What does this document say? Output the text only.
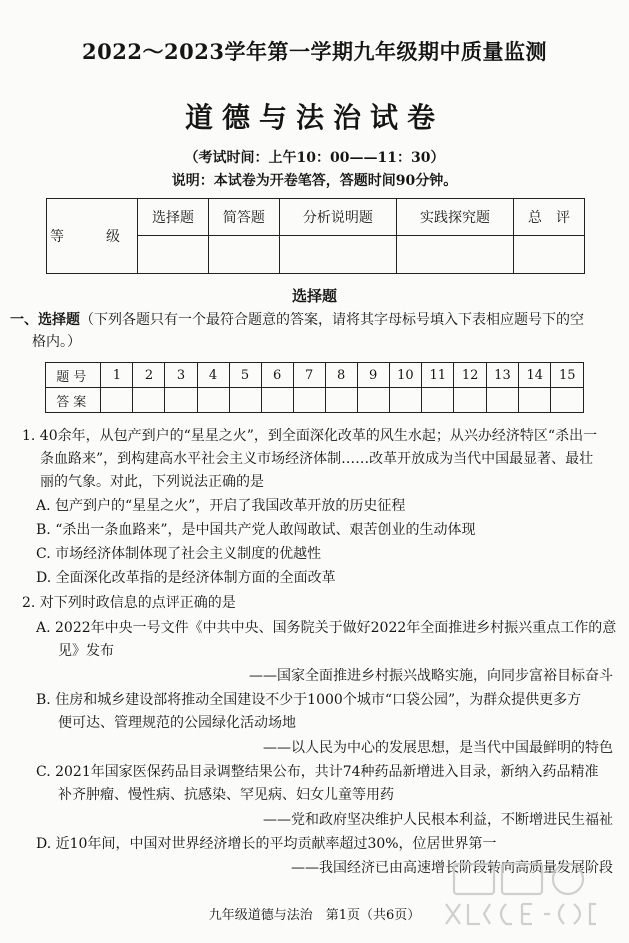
2022～2023学年第一学期九年级期中质量监测
道德与法治试卷
（考试时间：上午10：00——11：30）
说明：本试卷为开卷笔答，答题时间90分钟。
等　级	选择题	简答题	分析说明题	实践探究题	总　评

选择题
一、选择题（下列各题只有一个最符合题意的答案，请将其字母标号填入下表相应题号下的空
格内。）
题号	1	2	3	4	5	6	7	8	9	10	11	12	13	14	15
答案															
1. 40余年，从包产到户的“星星之火”，到全面深化改革的风生水起；从兴办经济特区“杀出一
条血路来”，到构建高水平社会主义市场经济体制……改革开放成为当代中国最显著、最壮
丽的气象。对此，下列说法正确的是
A. 包产到户的“星星之火”，开启了我国改革开放的历史征程
B. “杀出一条血路来”，是中国共产党人敢闯敢试、艰苦创业的生动体现
C. 市场经济体制体现了社会主义制度的优越性
D. 全面深化改革指的是经济体制方面的全面改革
2. 对下列时政信息的点评正确的是
A. 2022年中央一号文件《中共中央、国务院关于做好2022年全面推进乡村振兴重点工作的意
见》发布
——国家全面推进乡村振兴战略实施，向同步富裕目标奋斗
B. 住房和城乡建设部将推动全国建设不少于1000个城市“口袋公园”，为群众提供更多方
便可达、管理规范的公园绿化活动场地
——以人民为中心的发展思想，是当代中国最鲜明的特色
C. 2021年国家医保药品目录调整结果公布，共计74种药品新增进入目录，新纳入药品精准
补齐肿瘤、慢性病、抗感染、罕见病、妇女儿童等用药
——党和政府坚决维护人民根本利益，不断增进民生福祉
D. 近10年间，中国对世界经济增长的平均贡献率超过30%，位居世界第一
——我国经济已由高速增长阶段转向高质量发展阶段
九年级道德与法治　第1页（共6页）
